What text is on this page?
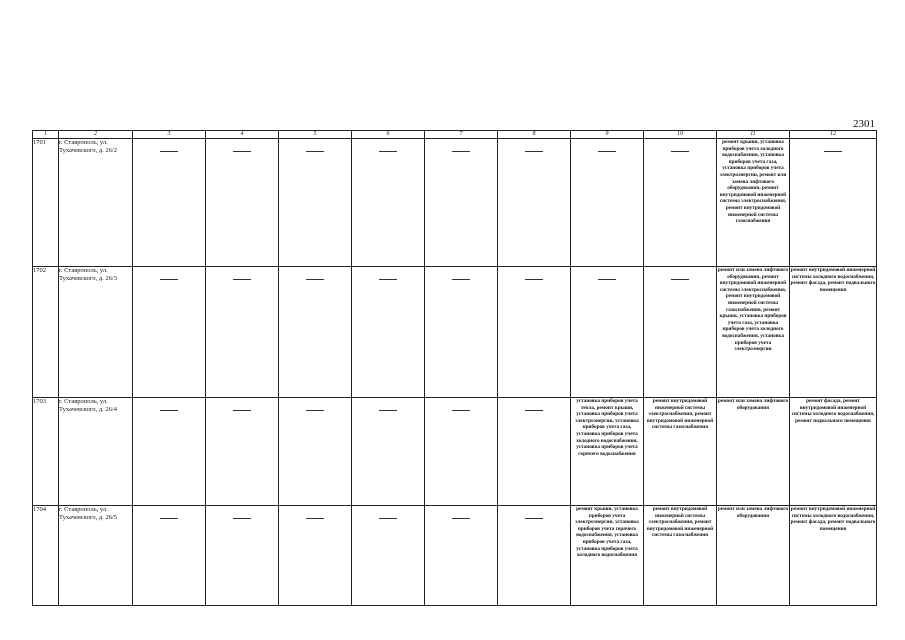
2301
1	2	3	4	5	6	7	8	9	10	11	12
1701	г. Ставрополь, ул. Тухачевского, д. 26/2									ремонт крыши, установка приборов учета холодного водоснабжения, установка приборов учета газа, установка приборов учета электроэнергии, ремонт или замена лифтового оборудования, ремонт внутридомовой инженерной системы электроснабжения, ремонт внутридомовой инженерной системы газоснабжения	
1702	г. Ставрополь, ул. Тухачевского, д. 26/3									ремонт или замена лифтового оборудования, ремонт внутридомовой инженерной системы электроснабжения, ремонт внутридомовой инженерной системы газоснабжения, ремонт крыши, установка приборов учета газа, установка приборов учета холодного водоснабжения, установка приборов учета электроэнергии	ремонт внутридомовой инженерной системы холодного водоснабжения, ремонт фасада, ремонт подвального помещения
1703	г. Ставрополь, ул. Тухачевского, д. 26/4							установка приборов учета тепла, ремонт крыши, установка приборов учета электроэнергии, установка приборов учета газа, установка приборов учета холодного водоснабжения, установка приборов учета горячего водоснабжения	ремонт внутридомовой инженерной системы электроснабжения, ремонт внутридомовой инженерной системы газоснабжения	ремонт или замена лифтового оборудования	ремонт фасада, ремонт внутридомовой инженерной системы холодного водоснабжения, ремонт подвального помещения
1704	г. Ставрополь, ул. Тухачевского, д. 26/5							ремонт крыши, установка приборов учета электроэнергии, установка приборов учета горячего водоснабжения, установка приборов учета газа, установка приборов учета холодного водоснабжения	ремонт внутридомовой инженерной системы электроснабжения, ремонт внутридомовой инженерной системы газоснабжения	ремонт или замена лифтового оборудования	ремонт внутридомовой инженерной системы холодного водоснабжения, ремонт фасада, ремонт подвального помещения
